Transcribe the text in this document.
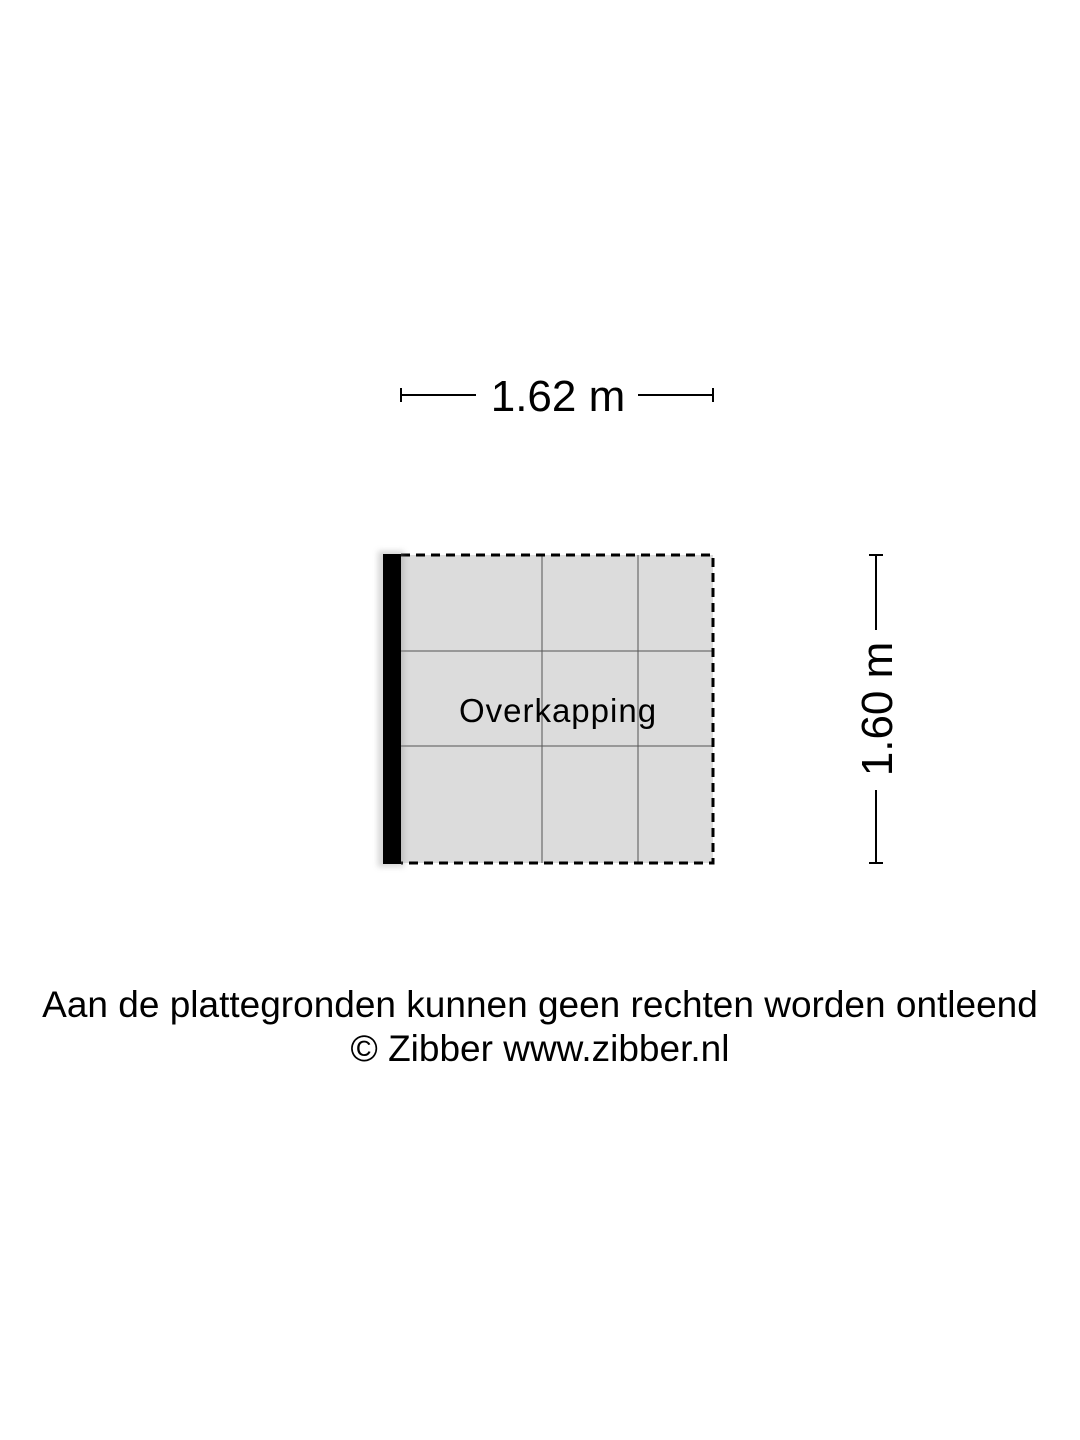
1.62 m
Overkapping	1.60 m
Aan de plattegronden kunnen geen rechten worden ontleend
© Zibber www.zibber.nl
